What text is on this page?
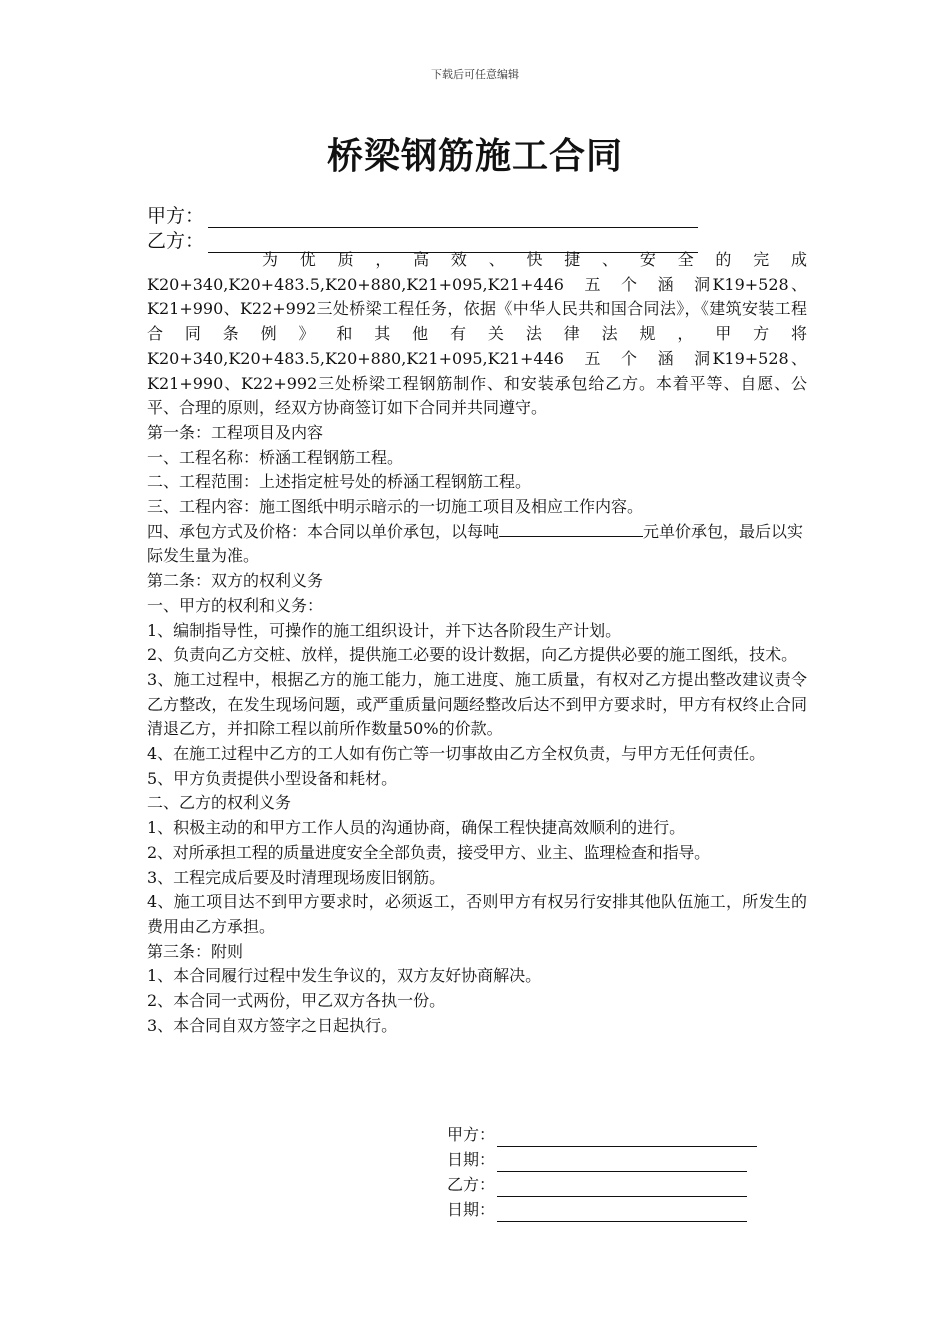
下载后可任意编辑
桥梁钢筋施工合同
甲方：
乙方：

为优质，高效、快捷、安全的完成K20+340,K20+483.5,K20+880,K21+095,K21+446　五　个　涵　洞K19+528、K21+990、K22+992三处桥梁工程任务，依据《中华人民共和国合同法》，《建筑安装工程合同条例》和其他有关法律法规，甲方将K20+340,K20+483.5,K20+880,K21+095,K21+446　五　个　涵　洞K19+528、K21+990、K22+992三处桥梁工程钢筋制作、和安装承包给乙方。本着平等、自愿、公平、合理的原则，经双方协商签订如下合同并共同遵守。

第一条：工程项目及内容

一、工程名称：桥涵工程钢筋工程。

二、工程范围：上述指定桩号处的桥涵工程钢筋工程。

三、工程内容：施工图纸中明示暗示的一切施工项目及相应工作内容。

四、承包方式及价格：本合同以单价承包，以每吨	元单价承包，最后以实际发生量为准。

第二条：双方的权利义务

一、甲方的权利和义务：

1、编制指导性，可操作的施工组织设计，并下达各阶段生产计划。

2、负责向乙方交桩、放样，提供施工必要的设计数据，向乙方提供必要的施工图纸，技术。

3、施工过程中，根据乙方的施工能力，施工进度、施工质量，有权对乙方提出整改建议责令乙方整改，在发生现场问题，或严重质量问题经整改后达不到甲方要求时，甲方有权终止合同清退乙方，并扣除工程以前所作数量50%的价款。

4、在施工过程中乙方的工人如有伤亡等一切事故由乙方全权负责，与甲方无任何责任。

5、甲方负责提供小型设备和耗材。

二、乙方的权利义务

1、积极主动的和甲方工作人员的沟通协商，确保工程快捷高效顺利的进行。

2、对所承担工程的质量进度安全全部负责，接受甲方、业主、监理检查和指导。

3、工程完成后要及时清理现场废旧钢筋。

4、施工项目达不到甲方要求时，必须返工，否则甲方有权另行安排其他队伍施工，所发生的费用由乙方承担。

第三条：附则

1、本合同履行过程中发生争议的，双方友好协商解决。

2、本合同一式两份，甲乙双方各执一份。

3、本合同自双方签字之日起执行。

甲方：
日期：
乙方：
日期：
